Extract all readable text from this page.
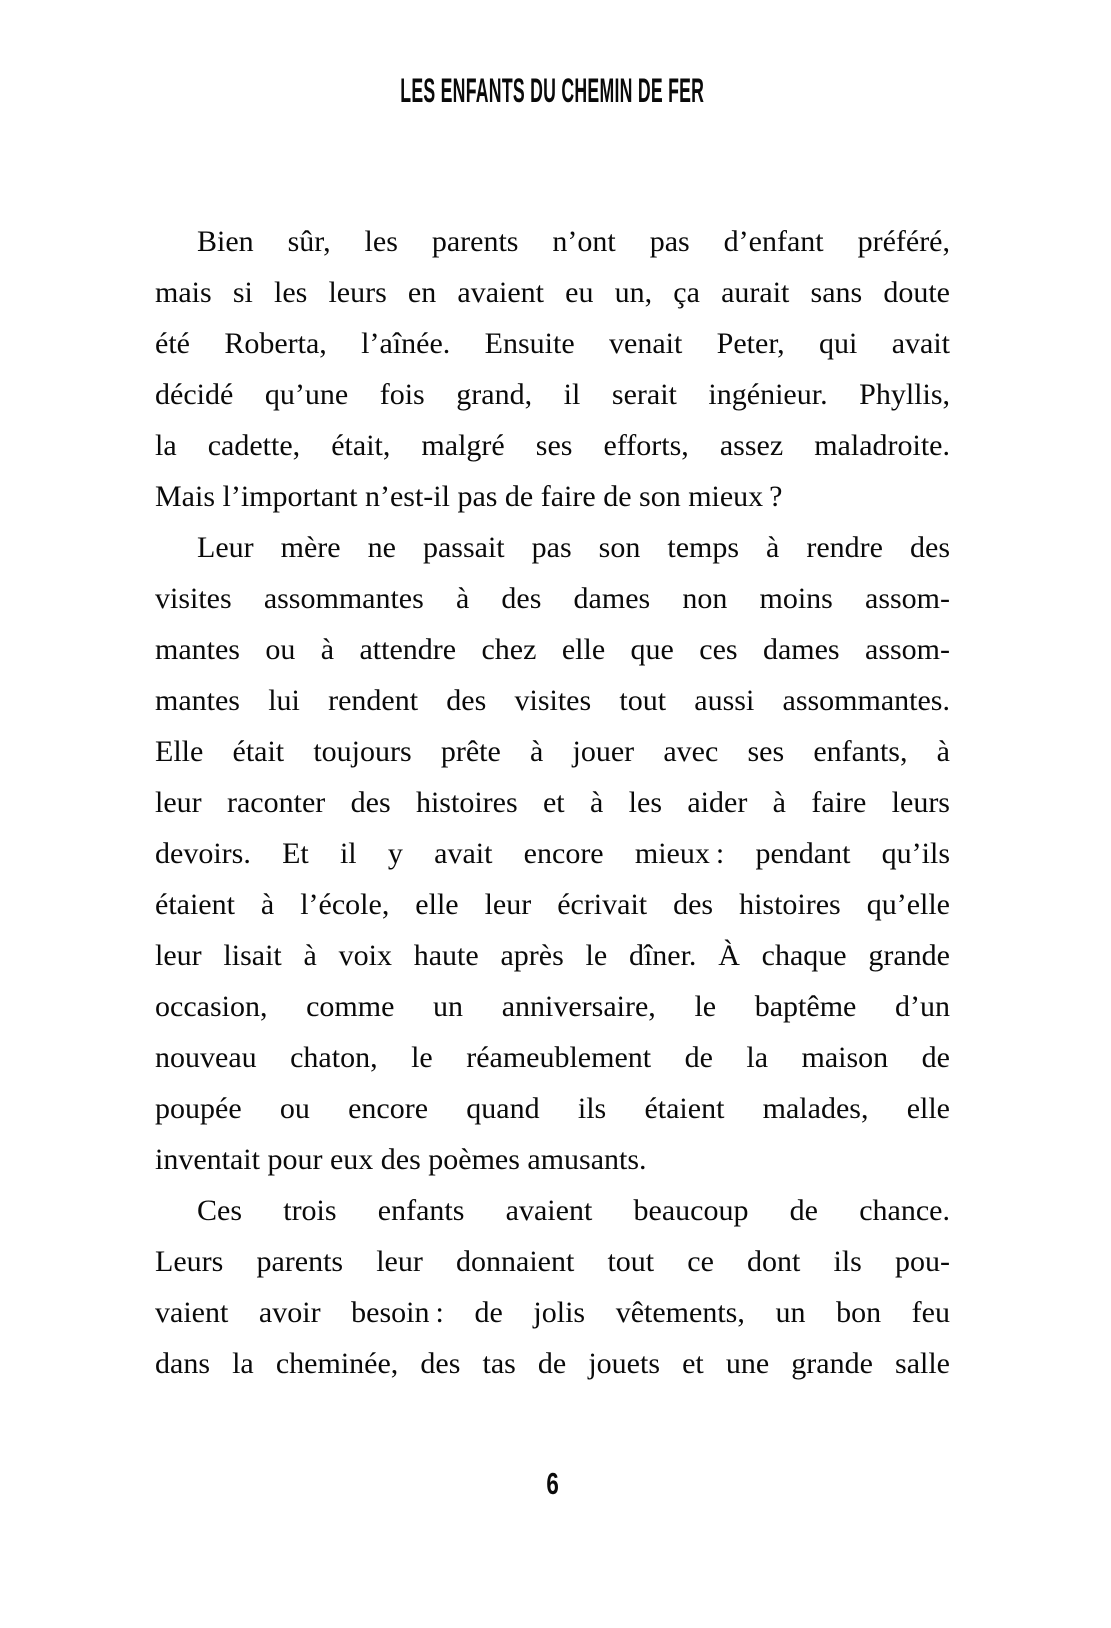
LES ENFANTS DU CHEMIN DE FER
Bien sûr, les parents n’ont pas d’enfant préféré,
mais si les leurs en avaient eu un, ça aurait sans doute
été Roberta, l’aînée. Ensuite venait Peter, qui avait
décidé qu’une fois grand, il serait ingénieur. Phyllis,
la cadette, était, malgré ses efforts, assez maladroite.
Mais l’important n’est-il pas de faire de son mieux ?
Leur mère ne passait pas son temps à rendre des
visites assommantes à des dames non moins assom-
mantes ou à attendre chez elle que ces dames assom-
mantes lui rendent des visites tout aussi assommantes.
Elle était toujours prête à jouer avec ses enfants, à
leur raconter des histoires et à les aider à faire leurs
devoirs. Et il y avait encore mieux : pendant qu’ils
étaient à l’école, elle leur écrivait des histoires qu’elle
leur lisait à voix haute après le dîner. À chaque grande
occasion, comme un anniversaire, le baptême d’un
nouveau chaton, le réameublement de la maison de
poupée ou encore quand ils étaient malades, elle
inventait pour eux des poèmes amusants.
Ces trois enfants avaient beaucoup de chance.
Leurs parents leur donnaient tout ce dont ils pou-
vaient avoir besoin : de jolis vêtements, un bon feu
dans la cheminée, des tas de jouets et une grande salle
6
